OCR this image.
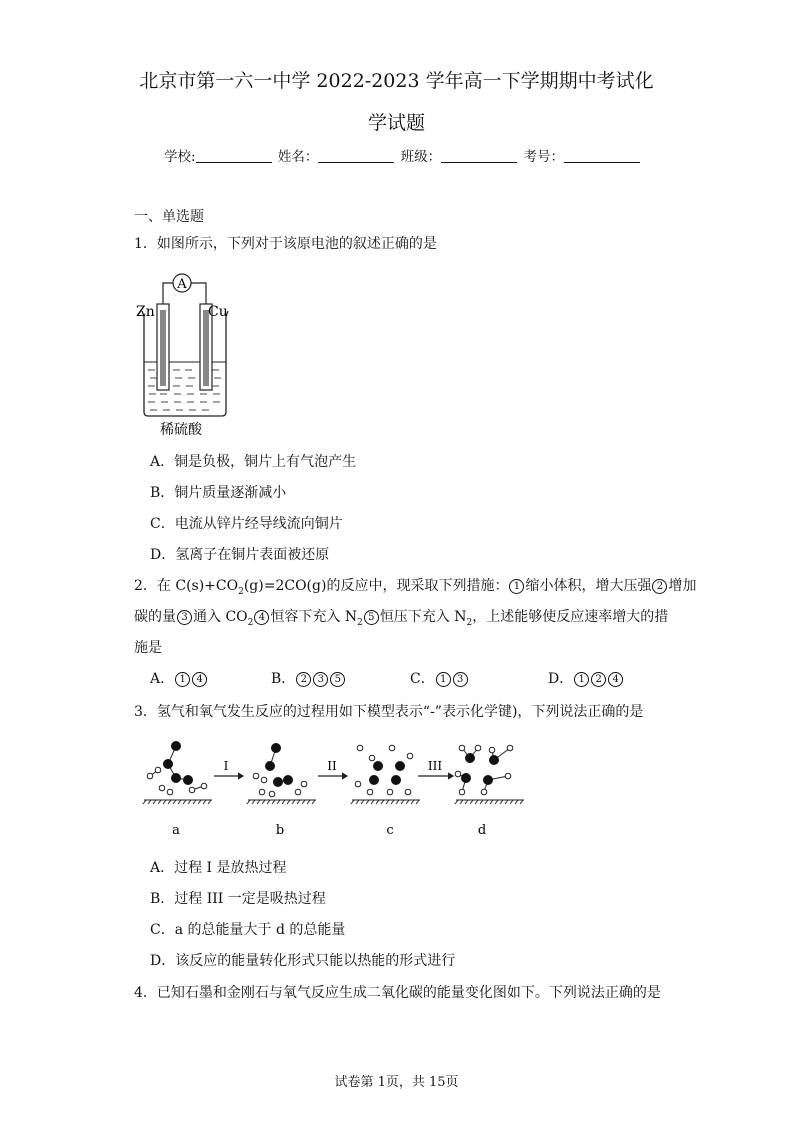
北京市第一六一中学 2022-2023 学年高一下学期期中考试化
学试题
学校:	姓名：	班级：	考号：
一、单选题
1．如图所示，下列对于该原电池的叙述正确的是
A
Zn	Cu
稀硫酸
A．铜是负极，铜片上有气泡产生
B．铜片质量逐渐减小
C．电流从锌片经导线流向铜片
D．氢离子在铜片表面被还原
2．在 $C(s)+CO_2(g)=2CO(g)$的反应中，现采取下列措施： 1 缩小体积，增大压强 2 增加
碳的量 3 通入 $CO_2$ 4 恒容下充入 $N_2$ 5 恒压下充入 $N_2$，上述能够使反应速率增大的措
施是
A． 1 4	B． 2 3 5	C． 1 3	D． 1 2 4
3．氢气和氧气发生反应的过程用如下模型表示“-”表示化学键)，下列说法正确的是
I	II	III
a	b	c	d
A．过程 I 是放热过程
B．过程 III 一定是吸热过程
C．a 的总能量大于 d 的总能量
D．该反应的能量转化形式只能以热能的形式进行
4．已知石墨和金刚石与氧气反应生成二氧化碳的能量变化图如下。下列说法正确的是
试卷第 1页，共 15页
